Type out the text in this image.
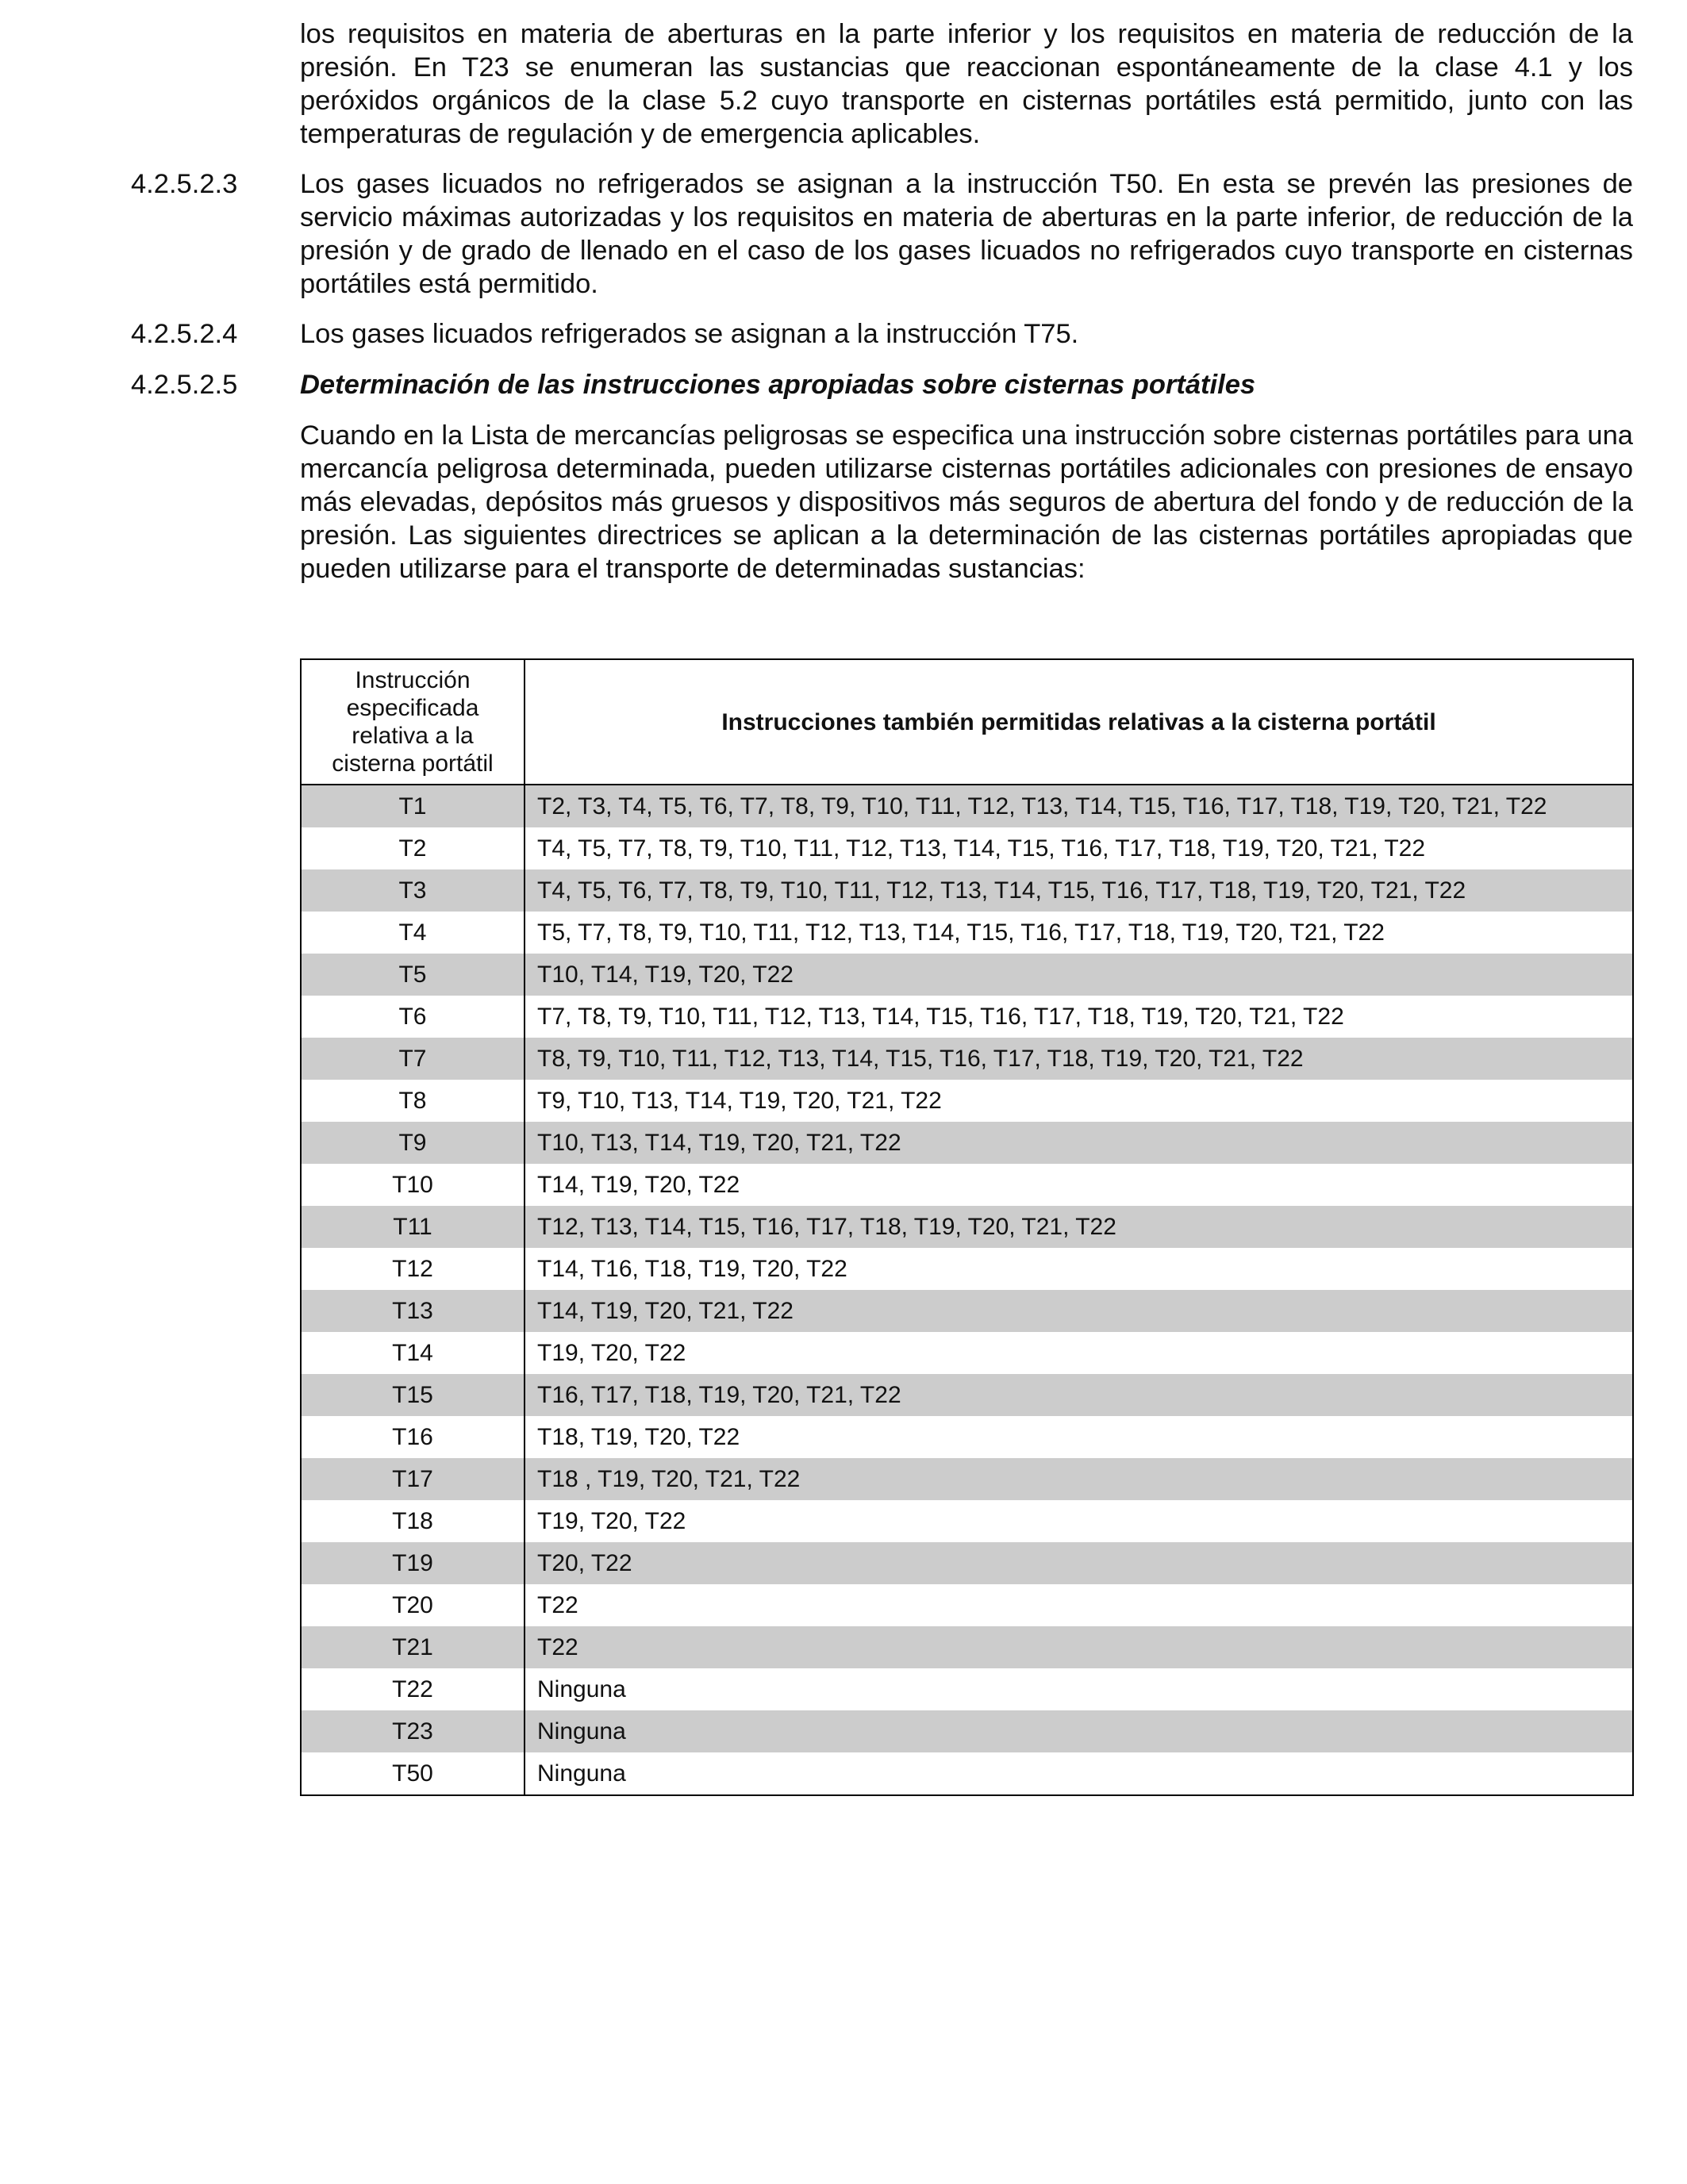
los requisitos en materia de aberturas en la parte inferior y los requisitos en materia de reducción de la presión. En T23 se enumeran las sustancias que reaccionan espontáneamente de la clase 4.1 y los peróxidos orgánicos de la clase 5.2 cuyo transporte en cisternas portátiles está permitido, junto con las temperaturas de regulación y de emergencia aplicables.

4.2.5.2.3 Los gases licuados no refrigerados se asignan a la instrucción T50. En esta se prevén las presiones de servicio máximas autorizadas y los requisitos en materia de aberturas en la parte inferior, de reducción de la presión y de grado de llenado en el caso de los gases licuados no refrigerados cuyo transporte en cisternas portátiles está permitido.

4.2.5.2.4 Los gases licuados refrigerados se asignan a la instrucción T75.

4.2.5.2.5 Determinación de las instrucciones apropiadas sobre cisternas portátiles

Cuando en la Lista de mercancías peligrosas se especifica una instrucción sobre cisternas portátiles para una mercancía peligrosa determinada, pueden utilizarse cisternas portátiles adicionales con presiones de ensayo más elevadas, depósitos más gruesos y dispositivos más seguros de abertura del fondo y de reducción de la presión. Las siguientes directrices se aplican a la determinación de las cisternas portátiles apropiadas que pueden utilizarse para el transporte de determinadas sustancias:

Instrucción
especificada
relativa a la
cisterna portátil	Instrucciones también permitidas relativas a la cisterna portátil
T1	T2, T3, T4, T5, T6, T7, T8, T9, T10, T11, T12, T13, T14, T15, T16, T17, T18, T19, T20, T21, T22
T2	T4, T5, T7, T8, T9, T10, T11, T12, T13, T14, T15, T16, T17, T18, T19, T20, T21, T22
T3	T4, T5, T6, T7, T8, T9, T10, T11, T12, T13, T14, T15, T16, T17, T18, T19, T20, T21, T22
T4	T5, T7, T8, T9, T10, T11, T12, T13, T14, T15, T16, T17, T18, T19, T20, T21, T22
T5	T10, T14, T19, T20, T22
T6	T7, T8, T9, T10, T11, T12, T13, T14, T15, T16, T17, T18, T19, T20, T21, T22
T7	T8, T9, T10, T11, T12, T13, T14, T15, T16, T17, T18, T19, T20, T21, T22
T8	T9, T10, T13, T14, T19, T20, T21, T22
T9	T10, T13, T14, T19, T20, T21, T22
T10	T14, T19, T20, T22
T11	T12, T13, T14, T15, T16, T17, T18, T19, T20, T21, T22
T12	T14, T16, T18, T19, T20, T22
T13	T14, T19, T20, T21, T22
T14	T19, T20, T22
T15	T16, T17, T18, T19, T20, T21, T22
T16	T18, T19, T20, T22
T17	T18 , T19, T20, T21, T22
T18	T19, T20, T22
T19	T20, T22
T20	T22
T21	T22
T22	Ninguna
T23	Ninguna
T50	Ninguna
